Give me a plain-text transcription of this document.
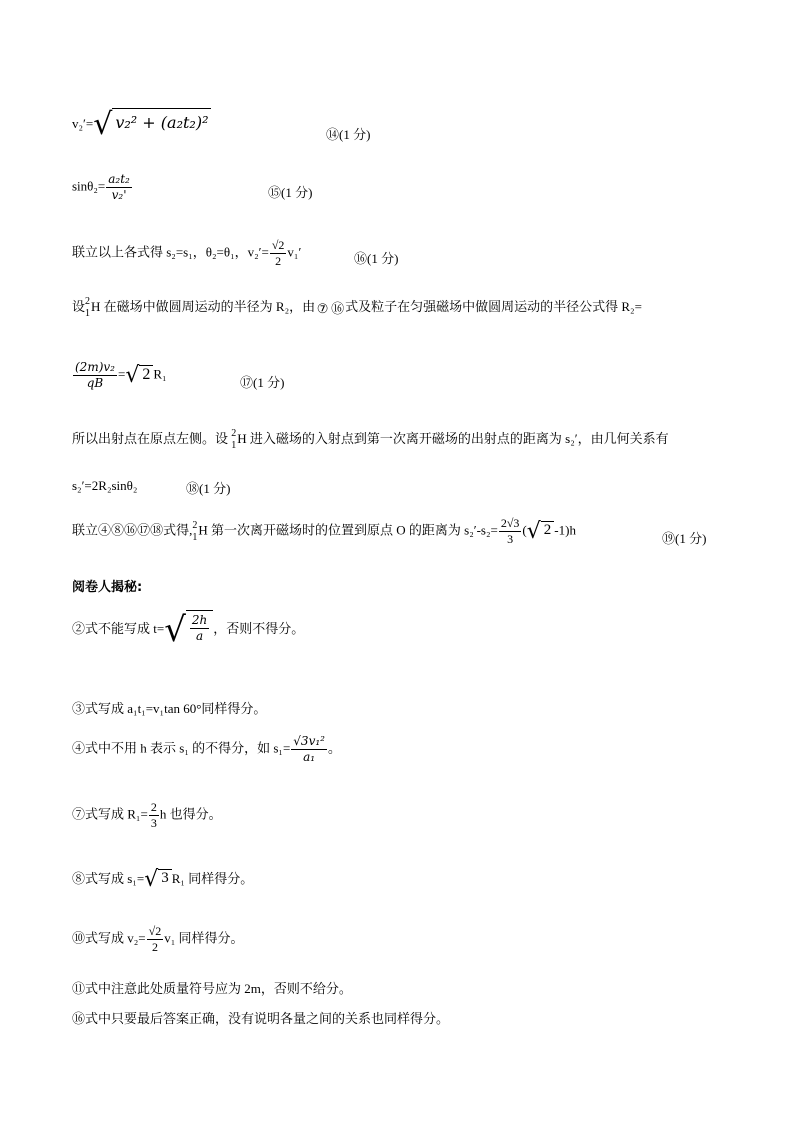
v₂′= √ v₂² + (a₂t₂)²
⑭(1 分)
$\sin\theta_2= \frac{\text{a₂t₂}}{\text{v₂'}}$	⑮(1 分)
联立以上各式得 s₂=s₁，θ₂=θ₁，$v_2'= \frac{√2}{2} v_1'$	⑯(1 分)
设 2
1 H 在磁场中做圆周运动的半径为 R₂，由 ⑦ ⑯式及粒子在匀强磁场中做圆周运动的半径公式得 R₂=
$\frac{\text{(2m)v₂}}{qB}$ = √ 2 R₁
⑰(1 分)
所以出射点在原点左侧。设 2
1 H 进入磁场的入射点到第一次离开磁场的出射点的距离为 s₂′，由几何关系有
s₂′=2R₂sinθ₂	⑱(1 分)
联立④⑧⑯⑰⑱式得, 2
1 H 第一次离开磁场时的位置到原点 O 的距离为 $s_2'-s_2= \frac{2√3}{3}$ ( √ 2 -1)h
⑲(1 分)
阅卷人揭秘:
②式不能写成 t= √ $\frac{2h}{a}$ ，否则不得分。
③式写成 a₁t₁=v₁tan 60°同样得分。
④式中不用 h 表示 s₁ 的不得分，如 $s_1= \frac{\text{√3v₁²}}{\text{a₁}}$ 。
⑦式写成 $R_1= \frac{2}{3}$ h 也得分。
⑧式写成 s₁= √ 3 R₁ 同样得分。
⑩式写成 $v_2= \frac{√2}{2} v_1$ 同样得分。
⑪式中注意此处质量符号应为 2m，否则不给分。
⑯式中只要最后答案正确，没有说明各量之间的关系也同样得分。
